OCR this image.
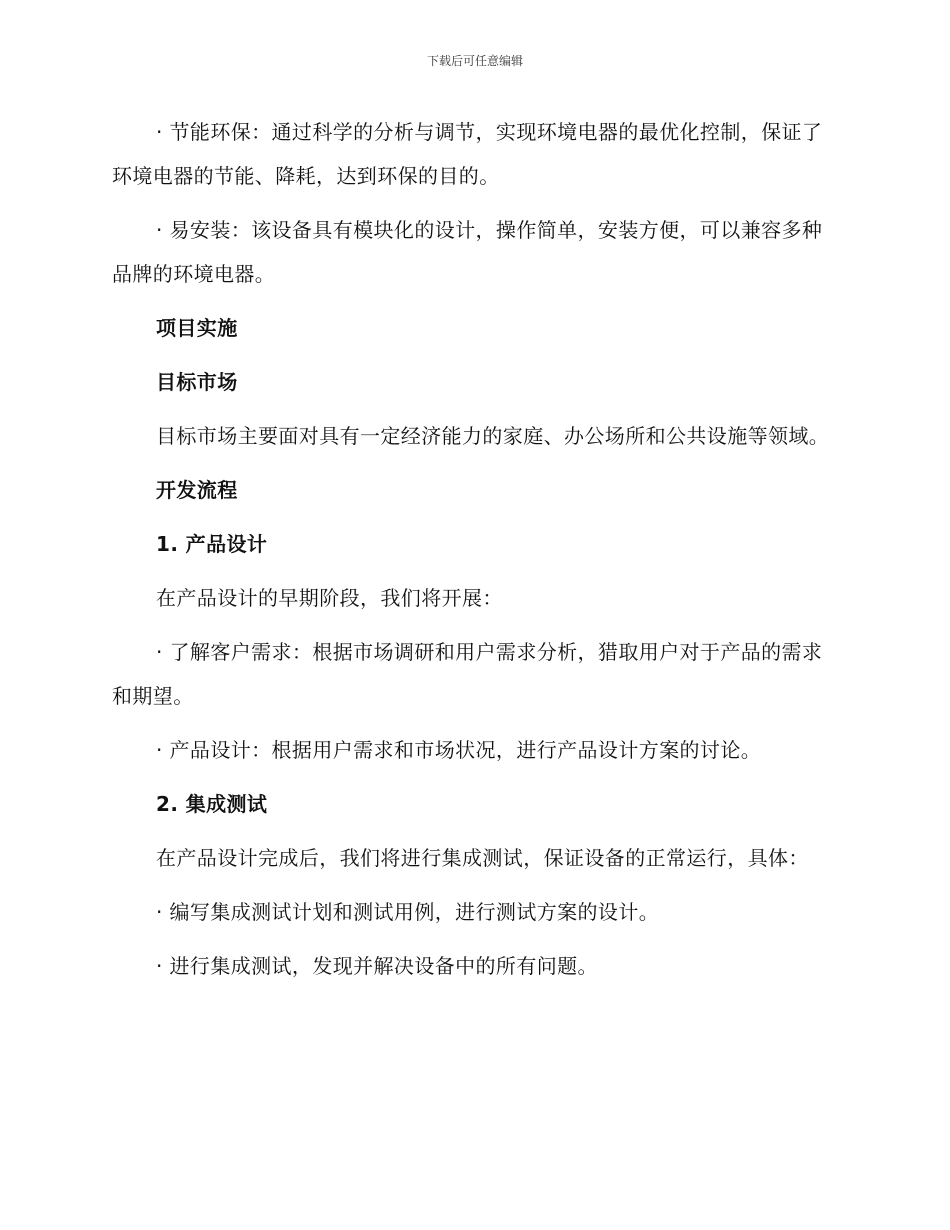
下载后可任意编辑

· 节能环保：通过科学的分析与调节，实现环境电器的最优化控制，保证了环境电器的节能、降耗，达到环保的目的。

· 易安装：该设备具有模块化的设计，操作简单，安装方便，可以兼容多种品牌的环境电器。

项目实施

目标市场

目标市场主要面对具有一定经济能力的家庭、办公场所和公共设施等领域。

开发流程

1. 产品设计

在产品设计的早期阶段，我们将开展：

· 了解客户需求：根据市场调研和用户需求分析，猎取用户对于产品的需求和期望。

· 产品设计：根据用户需求和市场状况，进行产品设计方案的讨论。

2. 集成测试

在产品设计完成后，我们将进行集成测试，保证设备的正常运行，具体：

· 编写集成测试计划和测试用例，进行测试方案的设计。

· 进行集成测试，发现并解决设备中的所有问题。
